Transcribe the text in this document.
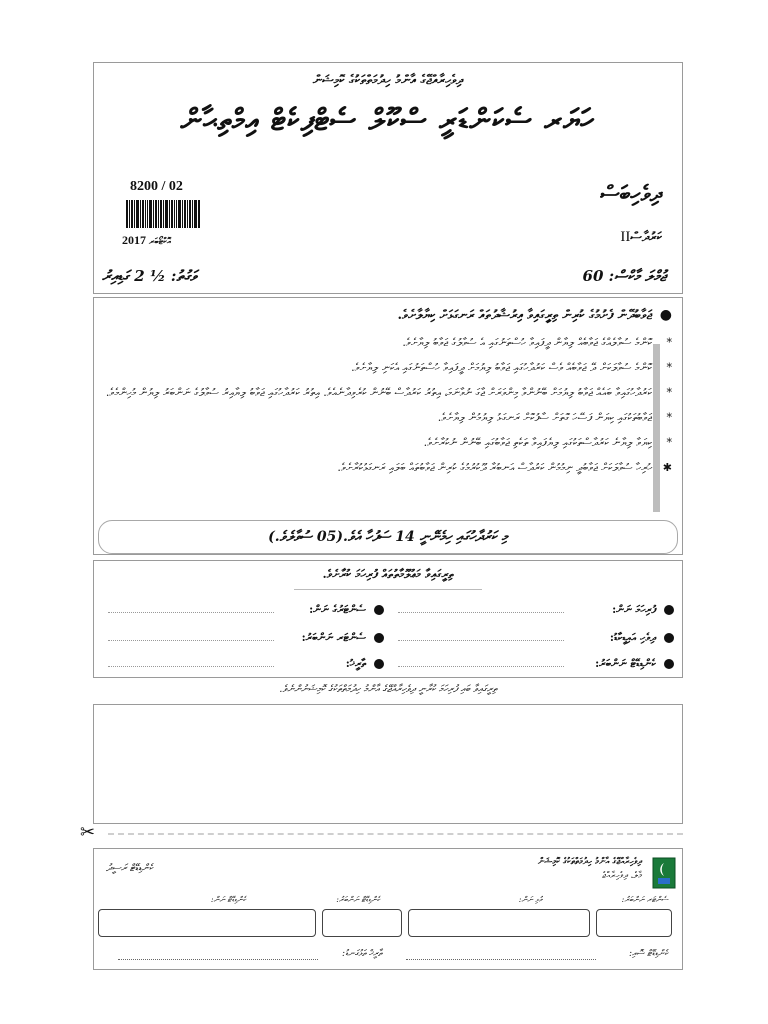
ދިވެހިރާއްޖޭގެ އާންމު ހިދުމަތްތަކުގެ ކޮމިޝަން
ހަޔަރ ސެކަންޑަރީ ސްކޫލް ސެޓްފިކެޓް އިމްތިޙާން
8200 / 02
2017 އޮކްޓޯބަރ
ދިވެހިބަސް
ކަރުދާސްII
ވަގުތު: ½ 2 ގަޑިއިރު	ޖުމްލަ މާކްސް: 60
●
ޖަވާބުދޭން ފެށުމުގެ ކުރިން ތިރީގައިވާ އިރުޝާދުތައް ރަނގަޅަށް ކިޔާލާށެވެ.
*
ކޮންމެ ސުވާލެއްގެ ޖަވާބެއް ލިޔާން ދީފައިވާ ހުސްތަނުގައި އެ ސުވާލުގެ ޖަވާބު ލިޔާށެވެ.
*
ކޮންމެ ސުވާލަކަށް ދޭ ޖަވާބެއް ވެސް ކަރުދާހުގައި ޖަވާބު ލިޔުމަށް ދީފައިވާ ހުސްތަނުގައި އެކަނި ލިޔާށެވެ.
*
ކަރުދާހުގައިވާ ބައެއް ޖަވާބު ލިޔުމަށް ބޭނުންވާ މިންވަރަށް ޖާގަ ނުވާނަމަ، އިތުރު ކަރުދާސް ބޭނުން ކުރެވިދާނެއެވެ. އިތުރު ކަރުދާހުގައި ޖަވާބު ލިޔާއިރު ސުވާލުގެ ނަންބަރު ލިޔުން މުހިންމެވެ.
*
ޖަވާބުތަކުގައި ކިޔަން ފަސޭހަ ގޮތަށް ސާފުކޮށް ރަނގަޅު ލިޔުމުން ލިޔާށެވެ.
*
ކިޔަވާ ލިޔާނެ ކަރުދާސްތަކުގައި ލިޔެފައިވާ ތަކެތި ޖަވާބުގައި ބޭނުން ނުކުރާށެވެ.
✱
ހުރިހާ ސުވާލަކަށް ޖަވާބުދީ ނިމުމުން ކަރުދާސް އަނބުރާ ދޫކުރުމުގެ ކުރިން ޖަވާބުތައް ބަލައި ރަނގަޅުކުރާށެވެ.
މި ކަރުދާހުގައި ހިމެނޭނީ 14 ސަފުހާ އެވެ.(05 ސުވާލެވެ.)
ތިރީގައިވާ މަޢުލޫމާތުތައް ފުރިހަމަ ކުރާށެވެ.
ފުރިހަމަ ނަން:
ސެންޓަރުގެ ނަން:
ދިވެހި އައިޑީކާޑު:
ސެންޓަރ ނަންބަރު:
ކެންޑިޑޭޓް ނަންބަރު:
ތާރީޚު:
ތިރީގައިވާ ބައި ފުރިހަމަ ކުރާނީ ދިވެހިރާއްޖޭގެ އާންމު ހިދުމަތްތަކުގެ ކޮމިޝަނުންނެވެ.
✂
ދިވެހިރާއްޖޭގެ އާންމު ހިދުމަތްތަކުގެ ކޮމިޝަން
މާލެ، ދިވެހިރާއްޖެ
ކެންޑިޑޭޓް ރަސީދު
ސެންޓަރ ނަންބަރު:
މުޅި ނަން:
ކެންޑިޑޭޓް ނަންބަރު:
ކެންޑިޑޭޓް ނަން:
ކެންޑިޑޭޓް ސޮއި:
ތާރީޚް ތަޅުގަނޑު:
